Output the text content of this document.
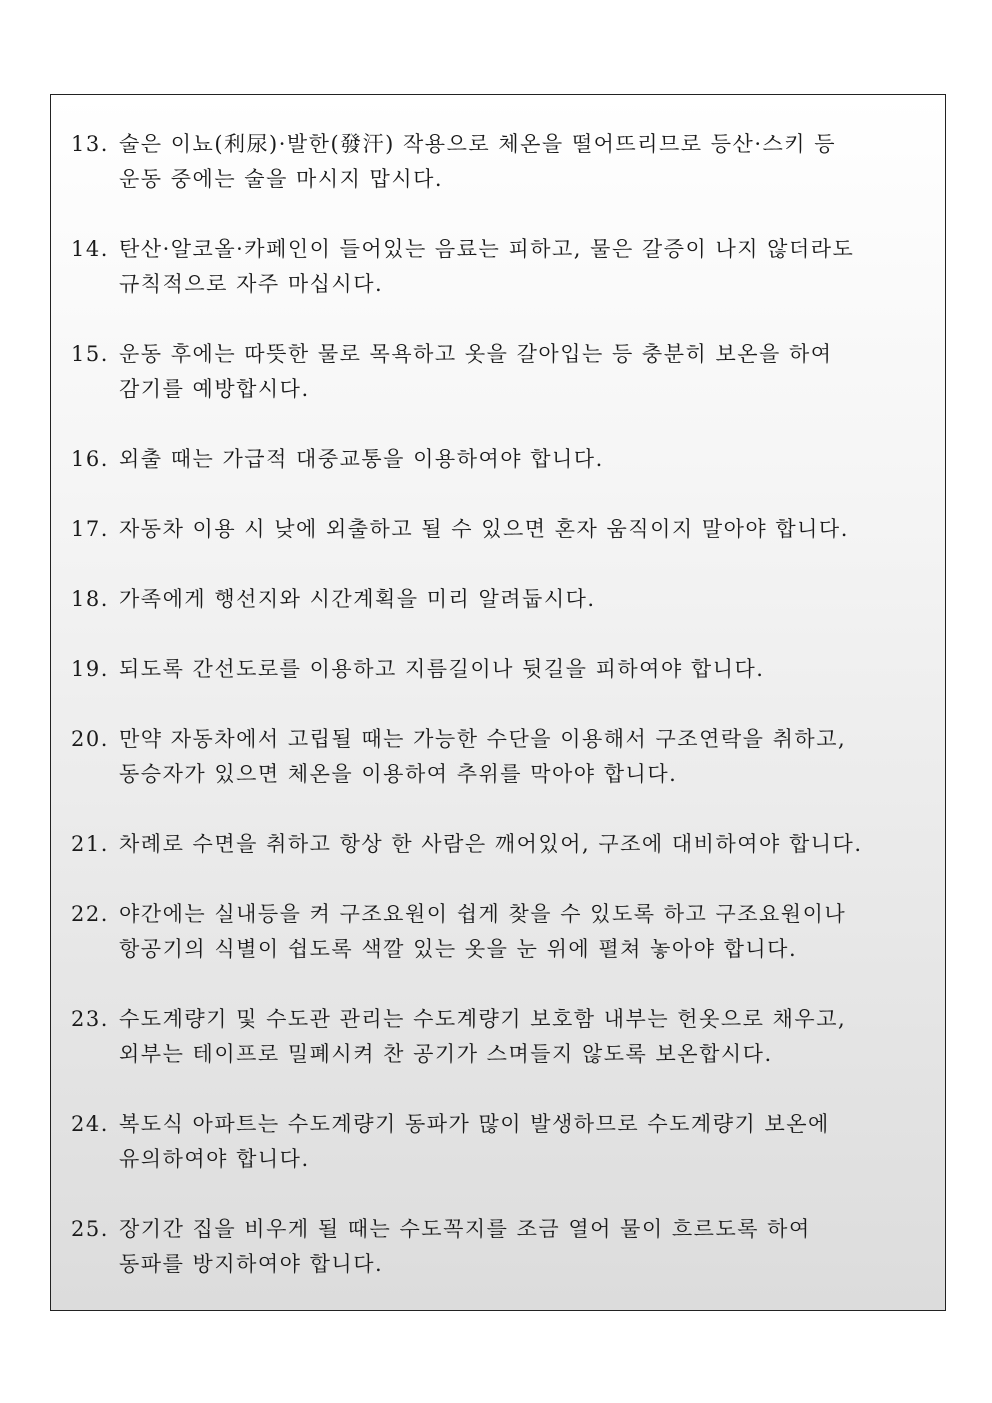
13. 술은 이뇨(利尿)·발한(發汗) 작용으로 체온을 떨어뜨리므로 등산·스키 등
운동 중에는 술을 마시지 맙시다.
14. 탄산·알코올·카페인이 들어있는 음료는 피하고, 물은 갈증이 나지 않더라도
규칙적으로 자주 마십시다.
15. 운동 후에는 따뜻한 물로 목욕하고 옷을 갈아입는 등 충분히 보온을 하여
감기를 예방합시다.
16. 외출 때는 가급적 대중교통을 이용하여야 합니다.
17. 자동차 이용 시 낮에 외출하고 될 수 있으면 혼자 움직이지 말아야 합니다.
18. 가족에게 행선지와 시간계획을 미리 알려둡시다.
19. 되도록 간선도로를 이용하고 지름길이나 뒷길을 피하여야 합니다.
20. 만약 자동차에서 고립될 때는 가능한 수단을 이용해서 구조연락을 취하고,
동승자가 있으면 체온을 이용하여 추위를 막아야 합니다.
21. 차례로 수면을 취하고 항상 한 사람은 깨어있어, 구조에 대비하여야 합니다.
22. 야간에는 실내등을 켜 구조요원이 쉽게 찾을 수 있도록 하고 구조요원이나
항공기의 식별이 쉽도록 색깔 있는 옷을 눈 위에 펼쳐 놓아야 합니다.
23. 수도계량기 및 수도관 관리는 수도계량기 보호함 내부는 헌옷으로 채우고,
외부는 테이프로 밀폐시켜 찬 공기가 스며들지 않도록 보온합시다.
24. 복도식 아파트는 수도계량기 동파가 많이 발생하므로 수도계량기 보온에
유의하여야 합니다.
25. 장기간 집을 비우게 될 때는 수도꼭지를 조금 열어 물이 흐르도록 하여
동파를 방지하여야 합니다.
